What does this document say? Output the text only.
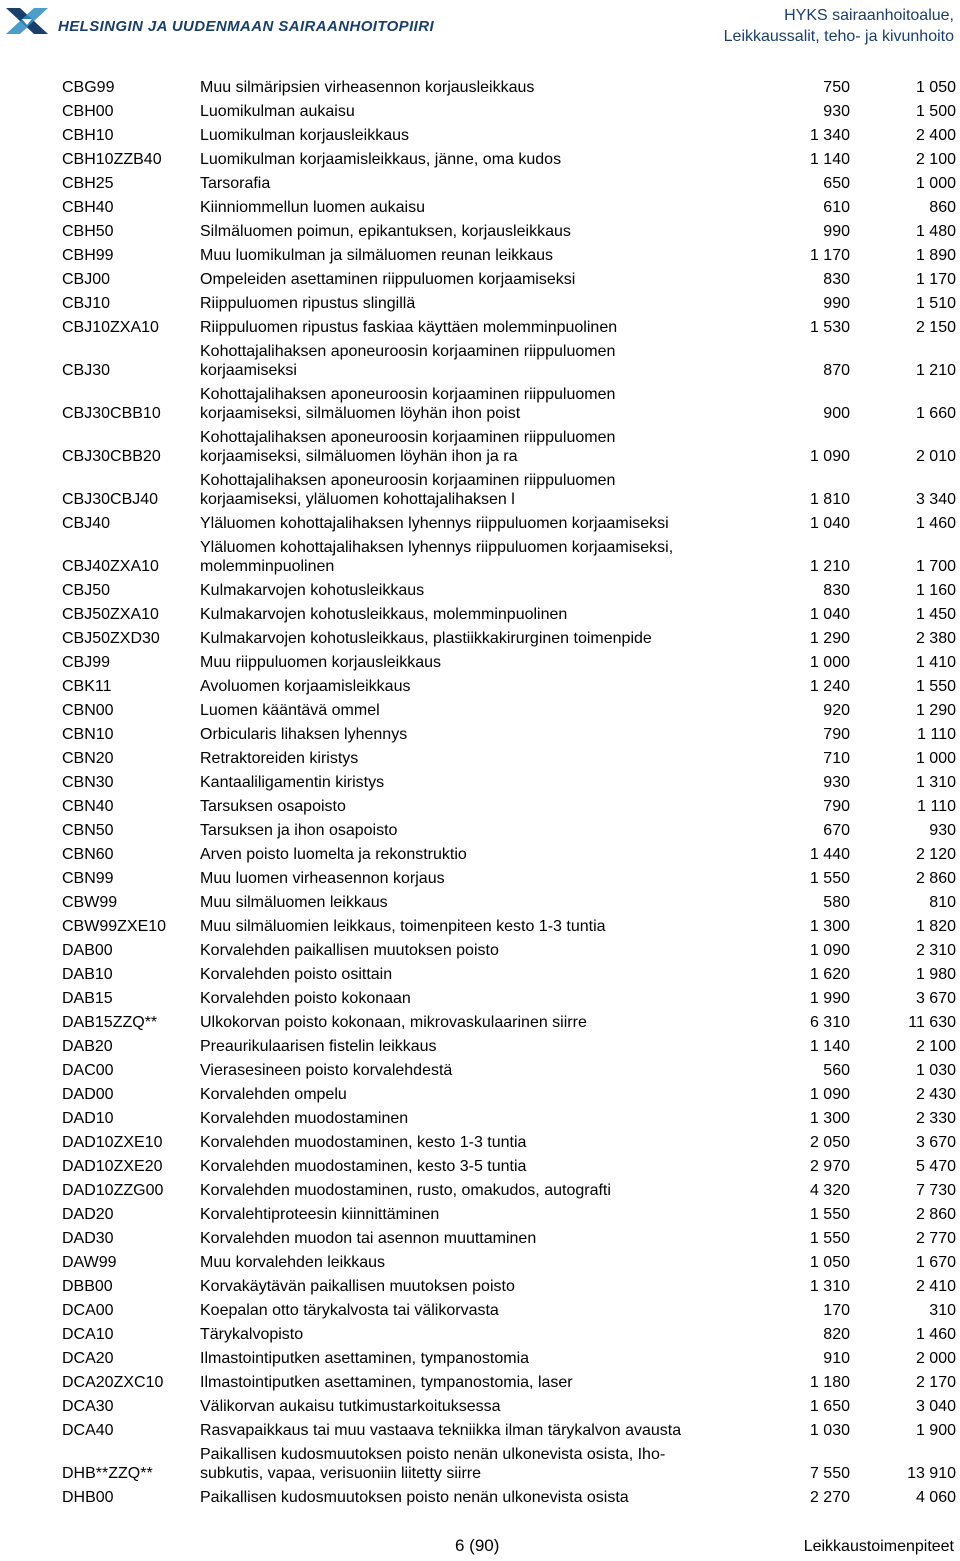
HELSINGIN JA UUDENMAAN SAIRAANHOITOPIIRI
HYKS sairaanhoitoalue,
Leikkaussalit, teho- ja kivunhoito
CBG99	Muu silmäripsien virheasennon korjausleikkaus	750	1 050
CBH00	Luomikulman aukaisu	930	1 500
CBH10	Luomikulman korjausleikkaus	1 340	2 400
CBH10ZZB40 Luomikulman korjaamisleikkaus, jänne, oma kudos	1 140	2 100
CBH25	Tarsorafia	650	1 000
CBH40	Kiinniommellun luomen aukaisu	610	860
CBH50	Silmäluomen poimun, epikantuksen, korjausleikkaus	990	1 480
CBH99	Muu luomikulman ja silmäluomen reunan leikkaus	1 170	1 890
CBJ00	Ompeleiden asettaminen riippuluomen korjaamiseksi	830	1 170
CBJ10	Riippuluomen ripustus slingillä	990	1 510
CBJ10ZXA10	Riippuluomen ripustus faskiaa käyttäen molemminpuolinen	1 530	2 150
CBJ30
Kohottajalihaksen aponeuroosin korjaaminen riippuluomen
korjaamiseksi	870	1 210
CBJ30CBB10
Kohottajalihaksen aponeuroosin korjaaminen riippuluomen
korjaamiseksi, silmäluomen löyhän ihon poist	900	1 660
CBJ30CBB20
Kohottajalihaksen aponeuroosin korjaaminen riippuluomen
korjaamiseksi, silmäluomen löyhän ihon ja ra	1 090	2 010
CBJ30CBJ40
Kohottajalihaksen aponeuroosin korjaaminen riippuluomen
korjaamiseksi, yläluomen kohottajalihaksen l	1 810	3 340
CBJ40	Yläluomen kohottajalihaksen lyhennys riippuluomen korjaamiseksi	1 040	1 460
CBJ40ZXA10
Yläluomen kohottajalihaksen lyhennys riippuluomen korjaamiseksi,
molemminpuolinen	1 210	1 700
CBJ50	Kulmakarvojen kohotusleikkaus	830	1 160
CBJ50ZXA10	Kulmakarvojen kohotusleikkaus, molemminpuolinen	1 040	1 450
CBJ50ZXD30	Kulmakarvojen kohotusleikkaus, plastiikkakirurginen toimenpide	1 290	2 380
CBJ99	Muu riippuluomen korjausleikkaus	1 000	1 410
CBK11	Avoluomen korjaamisleikkaus	1 240	1 550
CBN00	Luomen kääntävä ommel	920	1 290
CBN10	Orbicularis lihaksen lyhennys	790	1 110
CBN20	Retraktoreiden kiristys	710	1 000
CBN30	Kantaaliligamentin kiristys	930	1 310
CBN40	Tarsuksen osapoisto	790	1 110
CBN50	Tarsuksen ja ihon osapoisto	670	930
CBN60	Arven poisto luomelta ja rekonstruktio	1 440	2 120
CBN99	Muu luomen virheasennon korjaus	1 550	2 860
CBW99	Muu silmäluomen leikkaus	580	810
CBW99ZXE10 Muu silmäluomien leikkaus, toimenpiteen kesto 1-3 tuntia	1 300	1 820
DAB00	Korvalehden paikallisen muutoksen poisto	1 090	2 310
DAB10	Korvalehden poisto osittain	1 620	1 980
DAB15	Korvalehden poisto kokonaan	1 990	3 670
DAB15ZZQ**	Ulkokorvan poisto kokonaan, mikrovaskulaarinen siirre	6 310	11 630
DAB20	Preaurikulaarisen fistelin leikkaus	1 140	2 100
DAC00	Vierasesineen poisto korvalehdestä	560	1 030
DAD00	Korvalehden ompelu	1 090	2 430
DAD10	Korvalehden muodostaminen	1 300	2 330
DAD10ZXE10 Korvalehden muodostaminen, kesto 1-3 tuntia	2 050	3 670
DAD10ZXE20 Korvalehden muodostaminen, kesto 3-5 tuntia	2 970	5 470
DAD10ZZG00 Korvalehden muodostaminen, rusto, omakudos, autografti	4 320	7 730
DAD20	Korvalehtiproteesin kiinnittäminen	1 550	2 860
DAD30	Korvalehden muodon tai asennon muuttaminen	1 550	2 770
DAW99	Muu korvalehden leikkaus	1 050	1 670
DBB00	Korvakäytävän paikallisen muutoksen poisto	1 310	2 410
DCA00	Koepalan otto tärykalvosta tai välikorvasta	170	310
DCA10	Tärykalvopisto	820	1 460
DCA20	Ilmastointiputken asettaminen, tympanostomia	910	2 000
DCA20ZXC10 Ilmastointiputken asettaminen, tympanostomia, laser	1 180	2 170
DCA30	Välikorvan aukaisu tutkimustarkoituksessa	1 650	3 040
DCA40	Rasvapaikkaus tai muu vastaava tekniikka ilman tärykalvon avausta	1 030	1 900
DHB**ZZQ**
Paikallisen kudosmuutoksen poisto nenän ulkonevista osista, Iho-
subkutis, vapaa, verisuoniin liitetty siirre	7 550	13 910
DHB00	Paikallisen kudosmuutoksen poisto nenän ulkonevista osista	2 270	4 060
6 (90)	Leikkaustoimenpiteet
